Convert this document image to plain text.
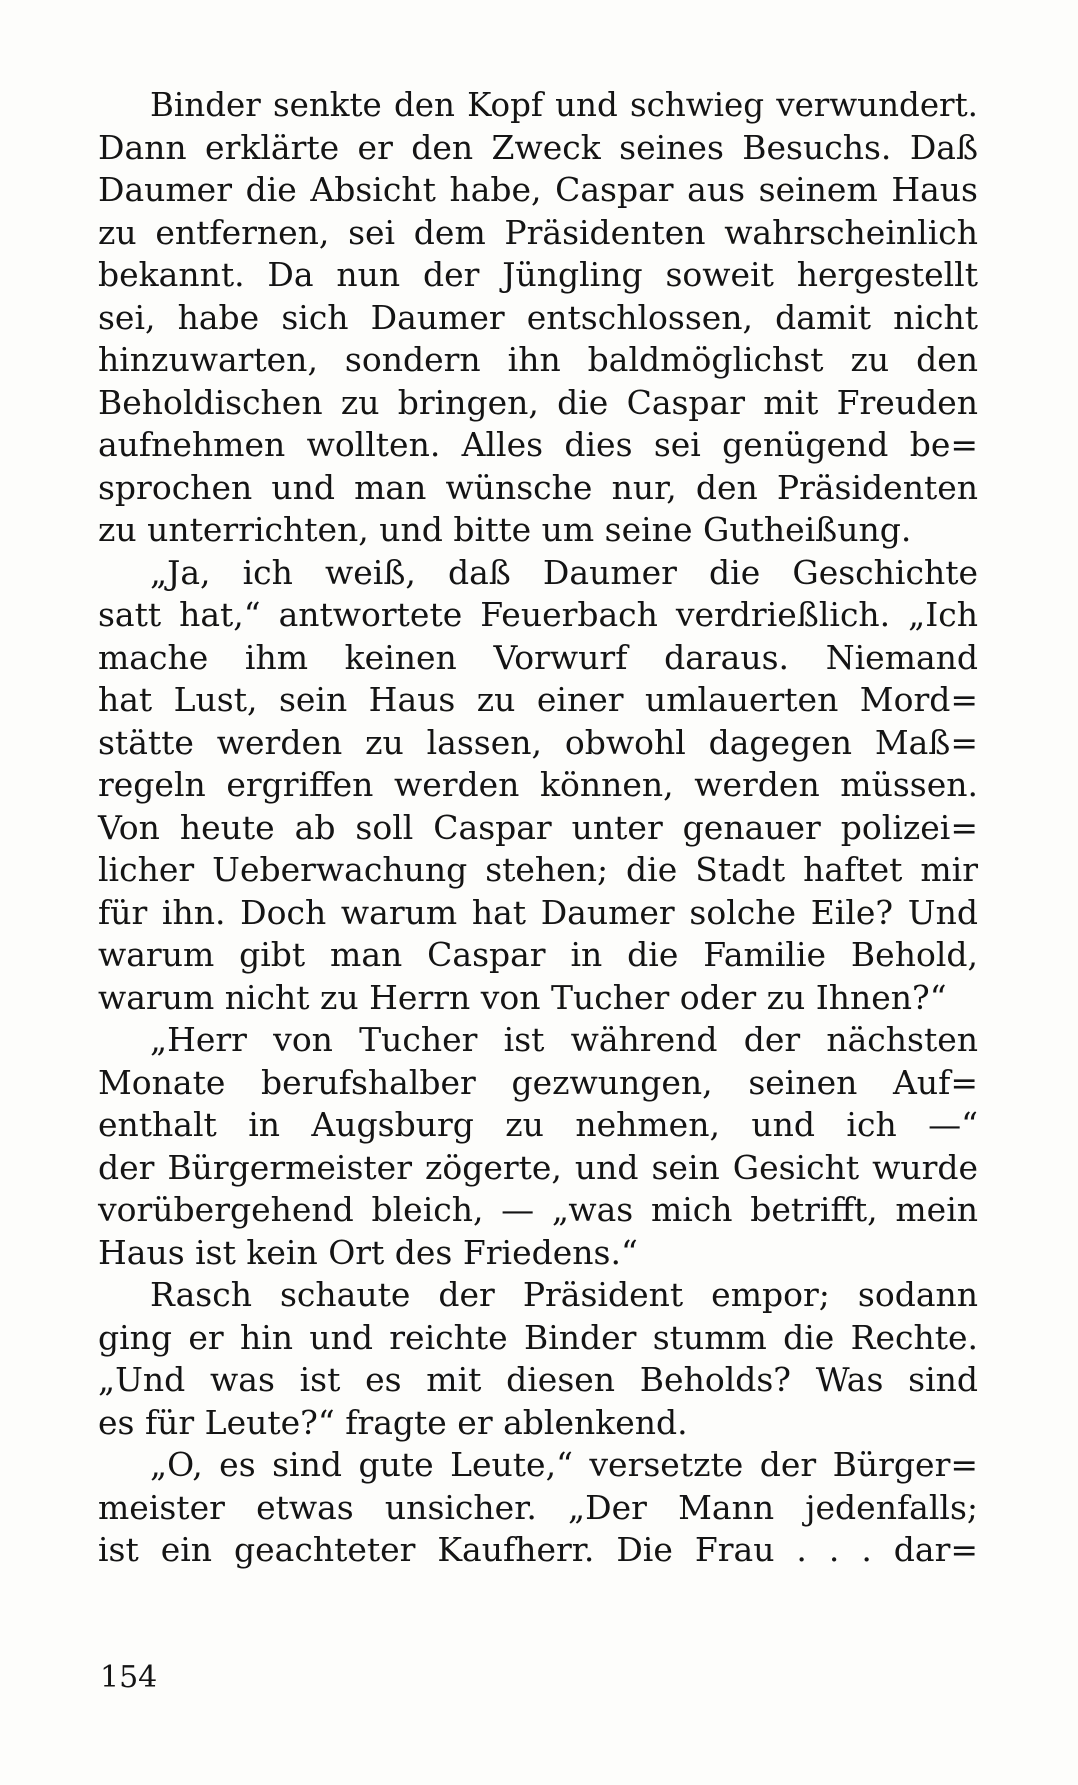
Binder senkte den Kopf und schwieg verwundert.
Dann erklärte er den Zweck seines Besuchs. Daß
Daumer die Absicht habe, Caspar aus seinem Haus
zu entfernen, sei dem Präsidenten wahrscheinlich
bekannt. Da nun der Jüngling soweit hergestellt
sei, habe sich Daumer entschlossen, damit nicht
hinzuwarten, sondern ihn baldmöglichst zu den
Beholdischen zu bringen, die Caspar mit Freuden
aufnehmen wollten. Alles dies sei genügend be=
sprochen und man wünsche nur, den Präsidenten
zu unterrichten, und bitte um seine Gutheißung.
„Ja, ich weiß, daß Daumer die Geschichte
satt hat,“ antwortete Feuerbach verdrießlich. „Ich
mache ihm keinen Vorwurf daraus. Niemand
hat Lust, sein Haus zu einer umlauerten Mord=
stätte werden zu lassen, obwohl dagegen Maß=
regeln ergriffen werden können, werden müssen.
Von heute ab soll Caspar unter genauer polizei=
licher Ueberwachung stehen; die Stadt haftet mir
für ihn. Doch warum hat Daumer solche Eile? Und
warum gibt man Caspar in die Familie Behold,
warum nicht zu Herrn von Tucher oder zu Ihnen?“
„Herr von Tucher ist während der nächsten
Monate berufshalber gezwungen, seinen Auf=
enthalt in Augsburg zu nehmen, und ich —“
der Bürgermeister zögerte, und sein Gesicht wurde
vorübergehend bleich, — „was mich betrifft, mein
Haus ist kein Ort des Friedens.“
Rasch schaute der Präsident empor; sodann
ging er hin und reichte Binder stumm die Rechte.
„Und was ist es mit diesen Beholds? Was sind
es für Leute?“ fragte er ablenkend.
„O, es sind gute Leute,“ versetzte der Bürger=
meister etwas unsicher. „Der Mann jedenfalls;
ist ein geachteter Kaufherr. Die Frau . . . dar=
154
